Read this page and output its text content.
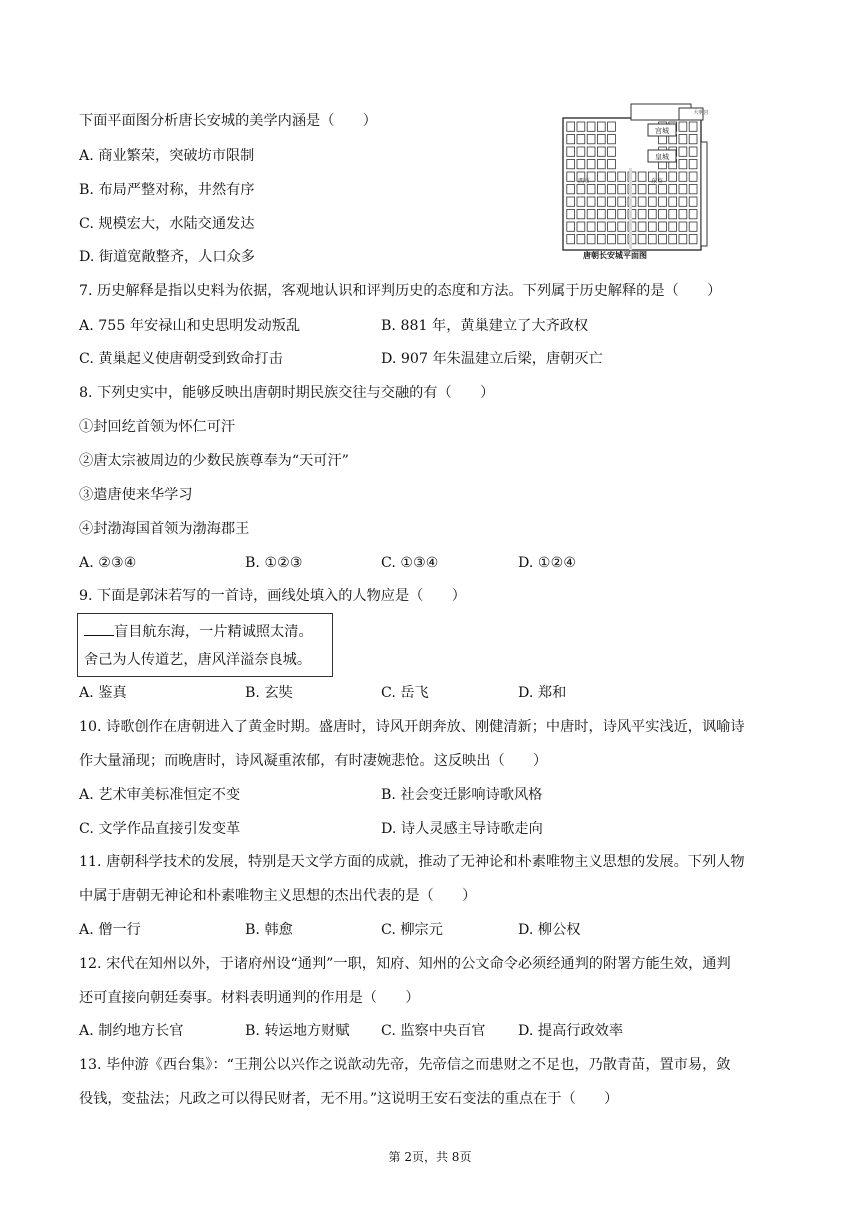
下面平面图分析唐长安城的美学内涵是（　　）
A. 商业繁荣，突破坊市限制
B. 布局严整对称，井然有序
C. 规模宏大，水陆交通发达
D. 街道宽敞整齐，人口众多
宫城
皇城
西市	东市
大明宫
唐朝长安城平面图
7. 历史解释是指以史料为依据，客观地认识和评判历史的态度和方法。下列属于历史解释的是（　　）
A. 755 年安禄山和史思明发动叛乱	B. 881 年，黄巢建立了大齐政权
C. 黄巢起义使唐朝受到致命打击	D. 907 年朱温建立后梁，唐朝灭亡
8. 下列史实中，能够反映出唐朝时期民族交往与交融的有（　　）
①封回纥首领为怀仁可汗
②唐太宗被周边的少数民族尊奉为“天可汗”
③遣唐使来华学习
④封渤海国首领为渤海郡王
A. ②③④	B. ①②③	C. ①③④	D. ①②④
9. 下面是郭沫若写的一首诗，画线处填入的人物应是（　　）
盲目航东海，一片精诚照太清。
舍己为人传道艺，唐风洋溢奈良城。
A. 鉴真	B. 玄奘	C. 岳飞	D. 郑和
10. 诗歌创作在唐朝进入了黄金时期。盛唐时，诗风开朗奔放、刚健清新；中唐时，诗风平实浅近，讽喻诗
作大量涌现；而晚唐时，诗风凝重浓郁，有时凄婉悲怆。这反映出（　　）
A. 艺术审美标准恒定不变	B. 社会变迁影响诗歌风格
C. 文学作品直接引发变革	D. 诗人灵感主导诗歌走向
11. 唐朝科学技术的发展，特别是天文学方面的成就，推动了无神论和朴素唯物主义思想的发展。下列人物
中属于唐朝无神论和朴素唯物主义思想的杰出代表的是（　　）
A. 僧一行	B. 韩愈	C. 柳宗元	D. 柳公权
12. 宋代在知州以外，于诸府州设“通判”一职，知府、知州的公文命令必须经通判的附署方能生效，通判
还可直接向朝廷奏事。材料表明通判的作用是（　　）
A. 制约地方长官	B. 转运地方财赋 C. 监察中央百官 D. 提高行政效率
13. 毕仲游《西台集》：“王荆公以兴作之说歆动先帝，先帝信之而患财之不足也，乃散青苗，置市易，敛
役钱，变盐法；凡政之可以得民财者，无不用。”这说明王安石变法的重点在于（　　）
第 2页，共 8页
